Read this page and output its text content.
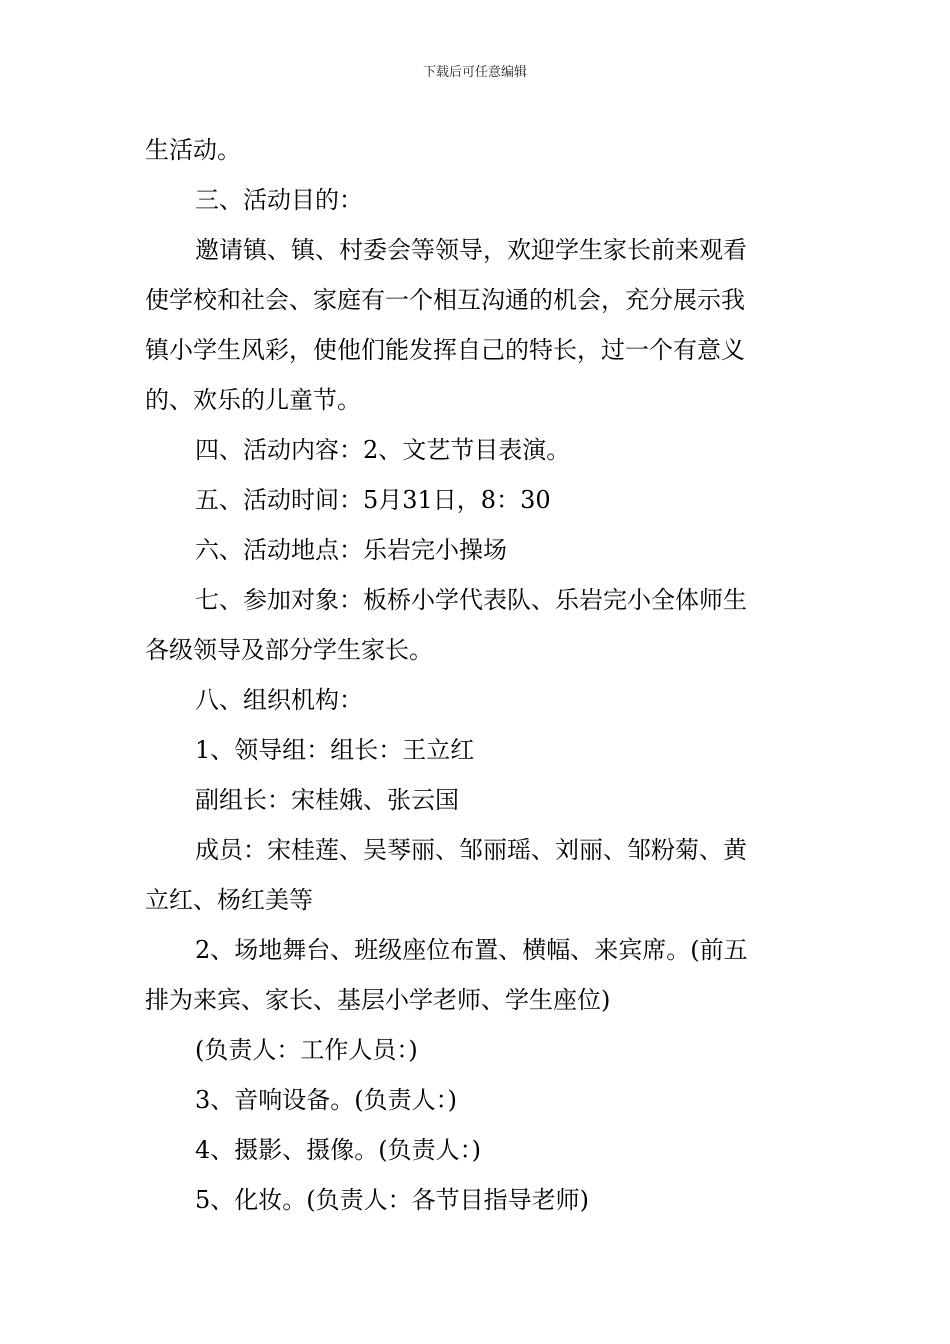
下载后可任意编辑
生活动。
三、活动目的：
邀请镇、镇、村委会等领导，欢迎学生家长前来观看
使学校和社会、家庭有一个相互沟通的机会，充分展示我
镇小学生风彩，使他们能发挥自己的特长，过一个有意义
的、欢乐的儿童节。
四、活动内容：2、文艺节目表演。
五、活动时间：5月31日，8：30
六、活动地点：乐岩完小操场
七、参加对象：板桥小学代表队、乐岩完小全体师生
各级领导及部分学生家长。
八、组织机构：
1、领导组：组长：王立红
副组长：宋桂娥、张云国
成员：宋桂莲、吴琴丽、邹丽瑶、刘丽、邹粉菊、黄
立红、杨红美等
2、场地舞台、班级座位布置、横幅、来宾席。(前五
排为来宾、家长、基层小学老师、学生座位)
(负责人：工作人员：)
3、音响设备。(负责人：)
4、摄影、摄像。(负责人：)
5、化妆。(负责人：各节目指导老师)
